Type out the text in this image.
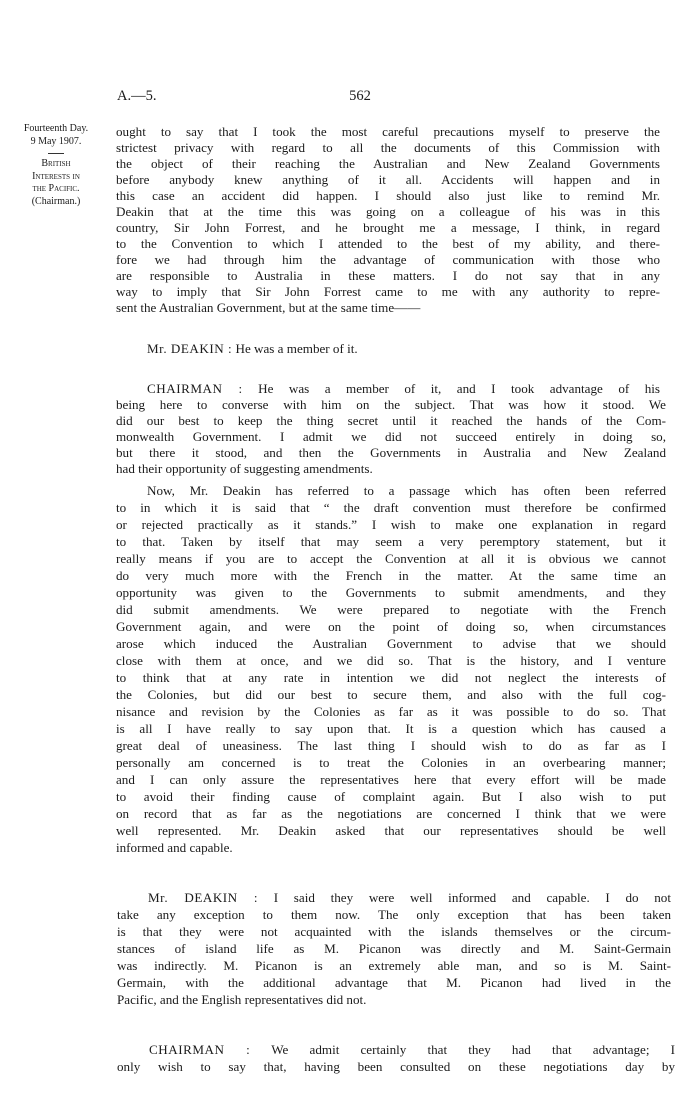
A.—5.	562
Fourteenth Day.
9 May 1907.
British
Interests in
the Pacific.
(Chairman.)
ought to say that I took the most careful precautions myself to preserve the
strictest privacy with regard to all the documents of this Commission with
the object of their reaching the Australian and New Zealand Governments
before anybody knew anything of it all. Accidents will happen and in
this case an accident did happen. I should also just like to remind Mr.
Deakin that at the time this was going on a colleague of his was in this
country, Sir John Forrest, and he brought me a message, I think, in regard
to the Convention to which I attended to the best of my ability, and there-
fore we had through him the advantage of communication with those who
are responsible to Australia in these matters. I do not say that in any
way to imply that Sir John Forrest came to me with any authority to repre-
sent the Australian Government, but at the same time——
Mr. DEAKIN : He was a member of it.
CHAIRMAN : He was a member of it, and I took advantage of his
being here to converse with him on the subject. That was how it stood. We
did our best to keep the thing secret until it reached the hands of the Com-
monwealth Government. I admit we did not succeed entirely in doing so,
but there it stood, and then the Governments in Australia and New Zealand
had their opportunity of suggesting amendments.
Now, Mr. Deakin has referred to a passage which has often been referred
to in which it is said that “ the draft convention must therefore be confirmed
or rejected practically as it stands.” I wish to make one explanation in regard
to that. Taken by itself that may seem a very peremptory statement, but it
really means if you are to accept the Convention at all it is obvious we cannot
do very much more with the French in the matter. At the same time an
opportunity was given to the Governments to submit amendments, and they
did submit amendments. We were prepared to negotiate with the French
Government again, and were on the point of doing so, when circumstances
arose which induced the Australian Government to advise that we should
close with them at once, and we did so. That is the history, and I venture
to think that at any rate in intention we did not neglect the interests of
the Colonies, but did our best to secure them, and also with the full cog-
nisance and revision by the Colonies as far as it was possible to do so. That
is all I have really to say upon that. It is a question which has caused a
great deal of uneasiness. The last thing I should wish to do as far as I
personally am concerned is to treat the Colonies in an overbearing manner;
and I can only assure the representatives here that every effort will be made
to avoid their finding cause of complaint again. But I also wish to put
on record that as far as the negotiations are concerned I think that we were
well represented. Mr. Deakin asked that our representatives should be well
informed and capable.
Mr. DEAKIN : I said they were well informed and capable. I do not
take any exception to them now. The only exception that has been taken
is that they were not acquainted with the islands themselves or the circum-
stances of island life as M. Picanon was directly and M. Saint-Germain
was indirectly. M. Picanon is an extremely able man, and so is M. Saint-
Germain, with the additional advantage that M. Picanon had lived in the
Pacific, and the English representatives did not.
CHAIRMAN : We admit certainly that they had that advantage; I
only wish to say that, having been consulted on these negotiations day by
